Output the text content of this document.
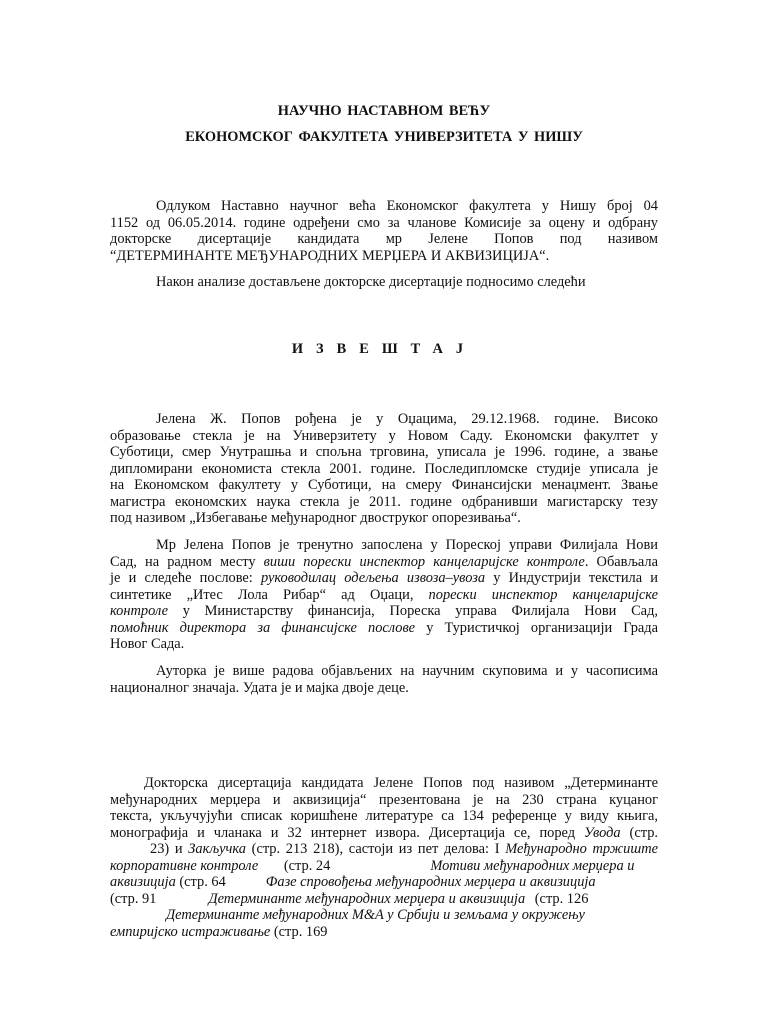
НАУЧНО НАСТАВНОМ ВЕЋУ
ЕКОНОМСКОГ ФАКУЛТЕТА УНИВЕРЗИТЕТА У НИШУ
Одлуком Наставно научног већа Економског факултета у Нишу број 04
1152 од 06.05.2014. године одређени смо за чланове Комисије за оцену и одбрану
докторске дисертације кандидата мр Јелене Попов под називом
“ДЕТЕРМИНАНТЕ МЕЂУНАРОДНИХ МЕРЏЕРА И АКВИЗИЦИЈА“.
Након анализе достављене докторске дисертације подносимо следећи
ИЗВЕШТАЈ
Јелена Ж. Попов рођена је у Оџацима, 29.12.1968. године. Високо
образовање стекла је на Универзитету у Новом Саду. Економски факултет у
Суботици, смер Унутрашња и спољна трговина, уписала је 1996. године, а звање
дипломирани економиста стекла 2001. године. Последипломске студије уписала је
на Економском факултету у Суботици, на смеру Финансијски менаџмент. Звање
магистра економских наука стекла је 2011. године одбранивши магистарску тезу
под називом „Избегавање међународног двоструког опорезивања“.
Мр Јелена Попов је тренутно запослена у Пореској управи Филијала Нови
Сад, на радном месту виши порески инспектор канцеларијске контроле. Обављала
је и следеће послове: руководилац одељења извоза–увоза у Индустрији текстила и
синтетике „Итес Лола Рибар“ ад Оџаци, порески инспектор канцеларијске
контроле у Министарству финансија, Пореска управа Филијала Нови Сад,
помоћник директора за финансијске послове у Туристичкој организацији Града
Новог Сада.
Ауторка је више радова објављених на научним скуповима и у часописима
националног значаја. Удата је и мајка двоје деце.
Докторска дисертација кандидата Јелене Попов под називом „Детерминанте
међународних мерџера и аквизиција“ презентована је на 230 страна куцаног
текста, укључујући списак коришћене литературе са 134 референце у виду књига,
монографија и чланака и 32 интернет извора. Дисертација се, поред Увода (стр.
23) и Закључка (стр. 213 218), састоји из пет делова: I Међународно тржиште
корпоративне контроле (стр. 24	Мотиви међународних мерџера и
аквизиција (стр. 64	Фазе спровођења међународних мерџера и аквизиција
(стр. 91	Детерминанте међународних мерџера и аквизиција (стр. 126
Детерминанте међународних M&A у Србији и земљама у окружењу
емпиријско истраживање (стр. 169
